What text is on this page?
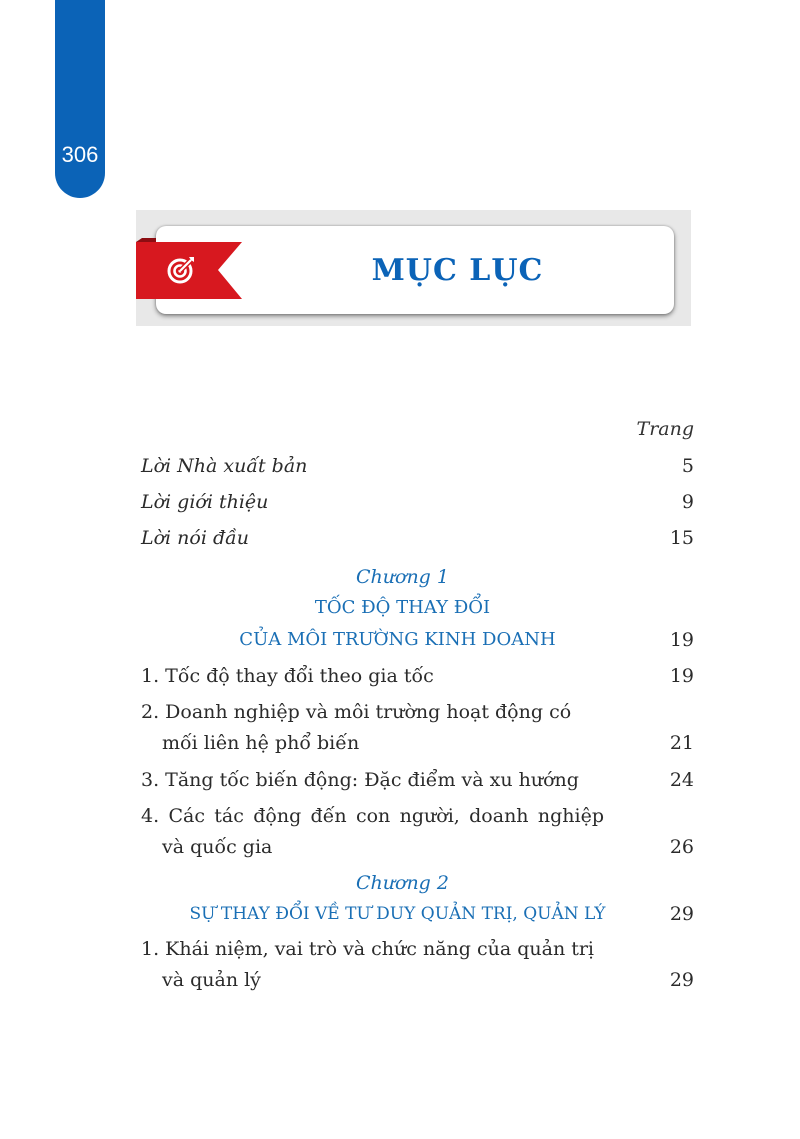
306
MỤC LỤC
Trang
Lời Nhà xuất bản	5
Lời giới thiệu	9
Lời nói đầu	15
Chương 1
TỐC ĐỘ THAY ĐỔI
CỦA MÔI TRƯỜNG KINH DOANH	19
1. Tốc độ thay đổi theo gia tốc	19
2. Doanh nghiệp và môi trường hoạt động có mối liên hệ phổ biến	21
3. Tăng tốc biến động: Đặc điểm và xu hướng	24
4. Các tác động đến con người, doanh nghiệp và quốc gia	26
Chương 2
SỰ THAY ĐỔI VỀ TƯ DUY QUẢN TRỊ, QUẢN LÝ	29
1. Khái niệm, vai trò và chức năng của quản trị và quản lý	29
